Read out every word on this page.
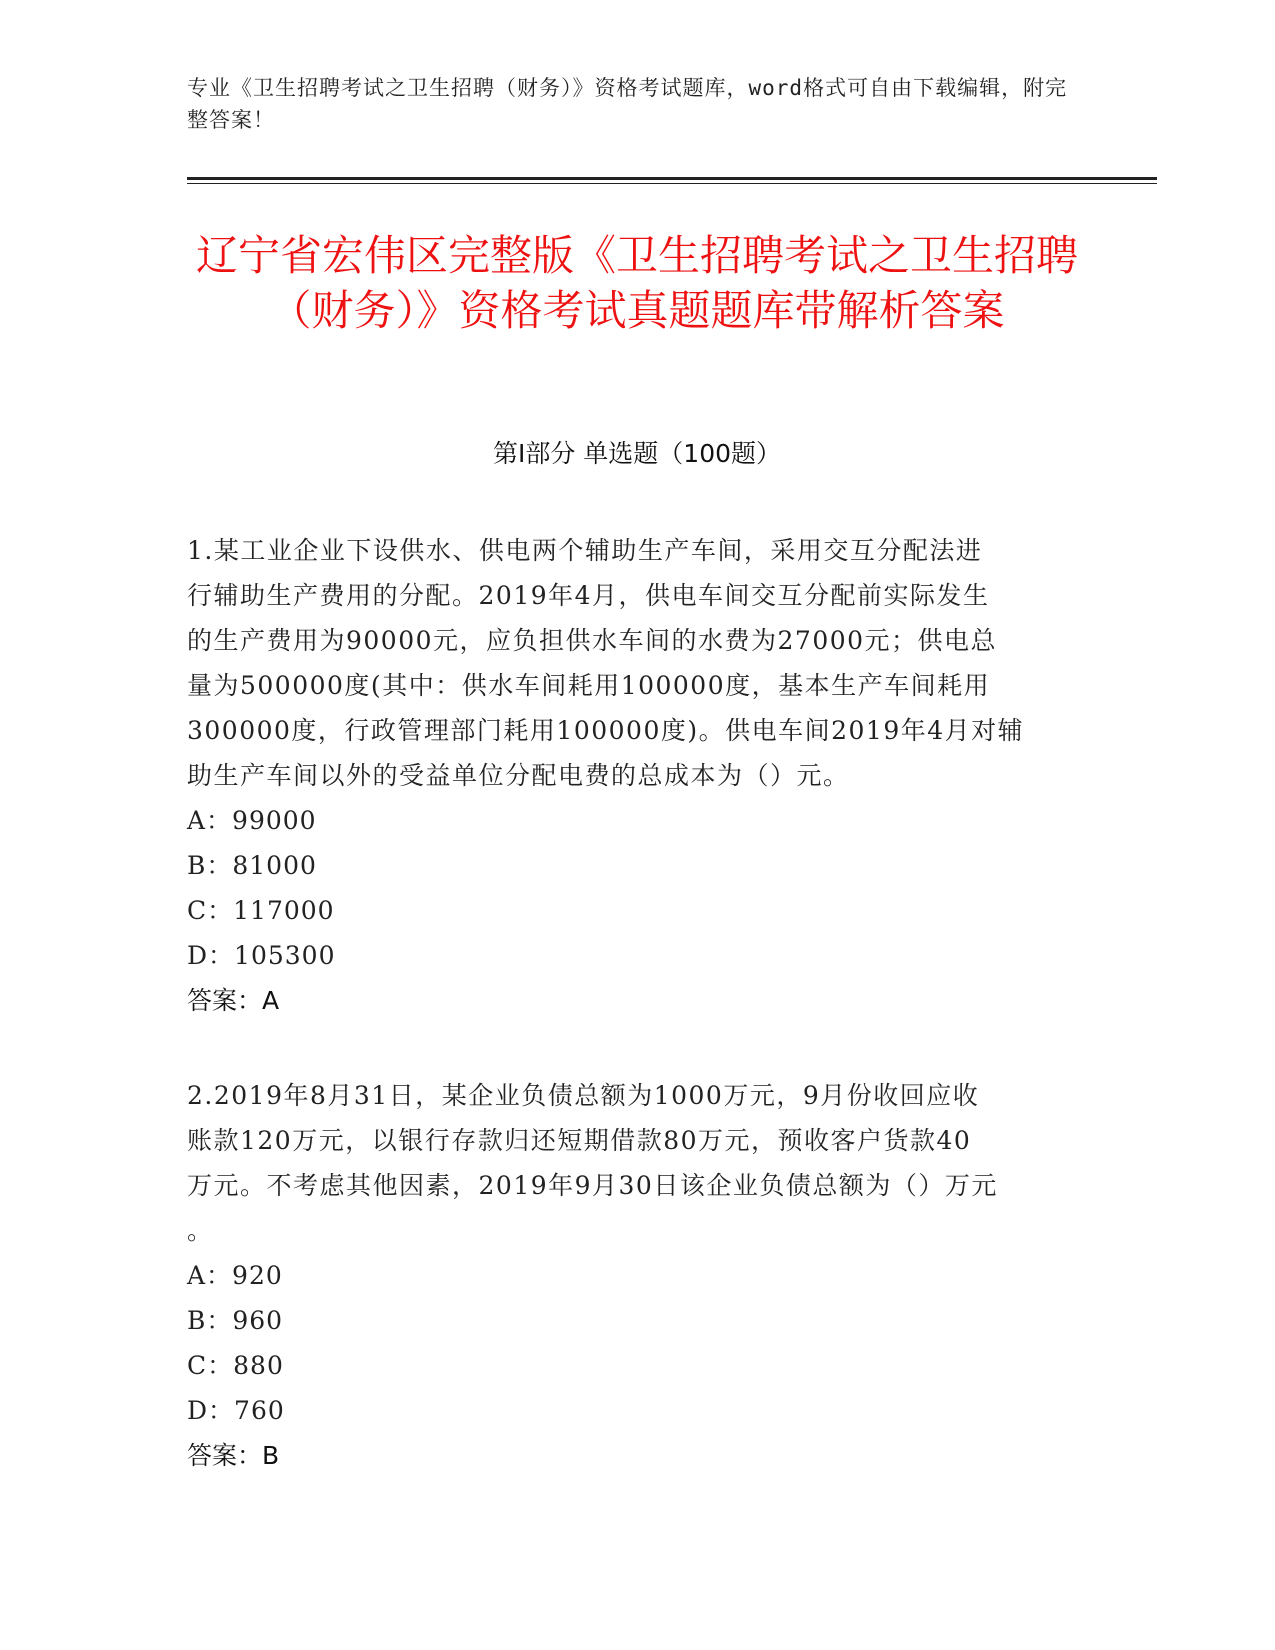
专业《卫生招聘考试之卫生招聘（财务）》资格考试题库，word格式可自由下载编辑，附完整答案！
辽宁省宏伟区完整版《卫生招聘考试之卫生招聘（财务）》资格考试真题题库带解析答案
第Ⅰ部分 单选题（100题）
1.某工业企业下设供水、供电两个辅助生产车间，采用交互分配法进
行辅助生产费用的分配。2019年4月，供电车间交互分配前实际发生
的生产费用为90000元，应负担供水车间的水费为27000元；供电总
量为500000度(其中：供水车间耗用100000度，基本生产车间耗用
300000度，行政管理部门耗用100000度)。供电车间2019年4月对辅
助生产车间以外的受益单位分配电费的总成本为（）元。
A：99000
B：81000
C：117000
D：105300
答案：A
2.2019年8月31日，某企业负债总额为1000万元，9月份收回应收
账款120万元，以银行存款归还短期借款80万元，预收客户货款40
万元。不考虑其他因素，2019年9月30日该企业负债总额为（）万元
。
A：920
B：960
C：880
D：760
答案：B
